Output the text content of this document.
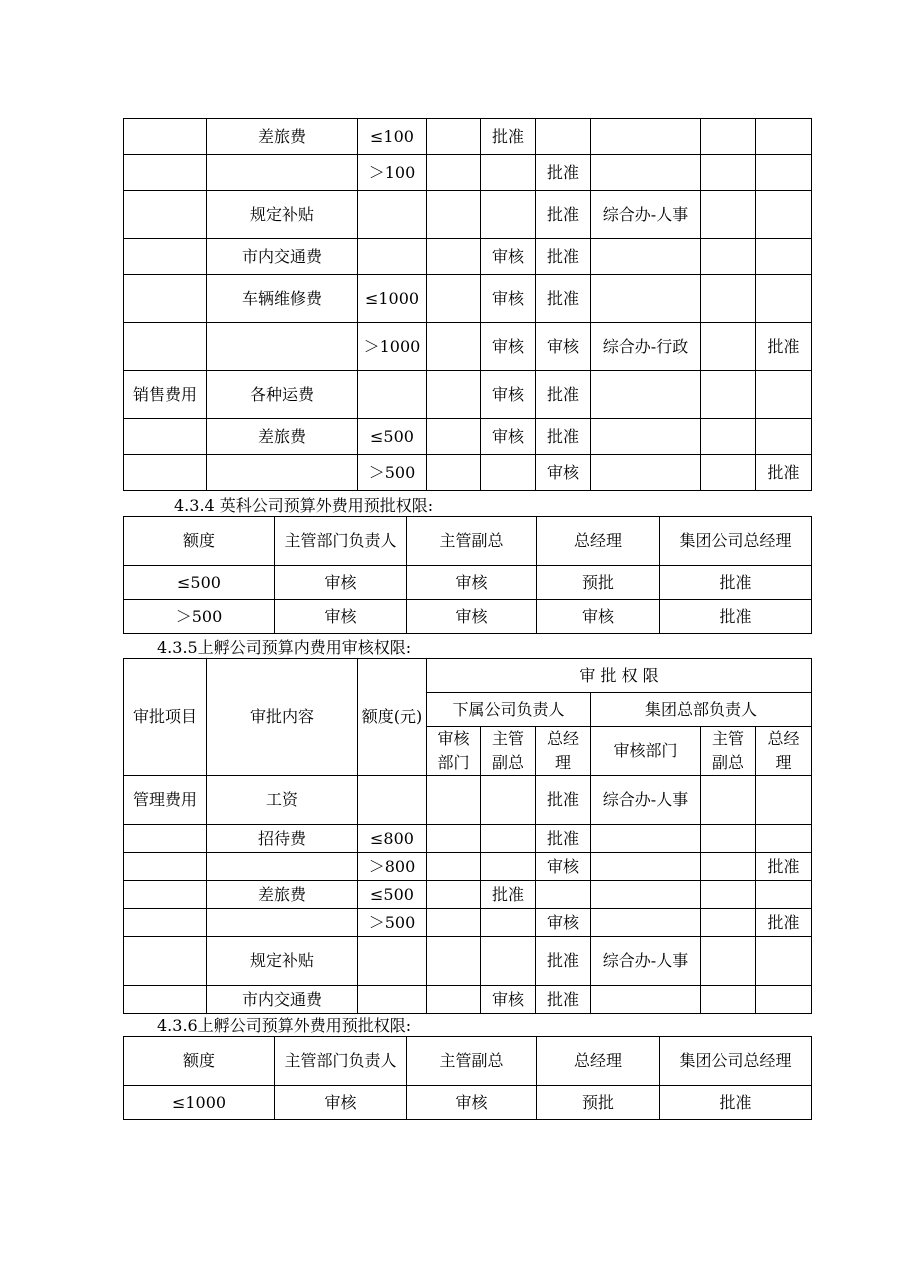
	差旅费	≤100		批准				
		＞100			批准			
	规定补贴				批准	综合办-人事		
	市内交通费			审核	批准			
	车辆维修费	≤1000		审核	批准			
		＞1000		审核	审核	综合办-行政		批准
销售费用	各种运费			审核	批准			
	差旅费	≤500		审核	批准			
		＞500			审核			批准
4.3.4 英科公司预算外费用预批权限:
额度	主管部门负责人	主管副总	总经理	集团公司总经理
≤500	审核	审核	预批	批准
＞500	审核	审核	审核	批准
4.3.5上孵公司预算内费用审核权限:
审批项目	审批内容	额度(元)	审 批 权 限					
			下属公司负责人			集团总部负责人		
			审核部门	主管副总	总经理	审核部门	主管副总	总经理
管理费用	工资				批准	综合办-人事		
	招待费	≤800			批准			
		＞800			审核			批准
	差旅费	≤500		批准				
		＞500			审核			批准
	规定补贴				批准	综合办-人事		
	市内交通费			审核	批准			
4.3.6上孵公司预算外费用预批权限:
额度	主管部门负责人	主管副总	总经理	集团公司总经理
≤1000	审核	审核	预批	批准
